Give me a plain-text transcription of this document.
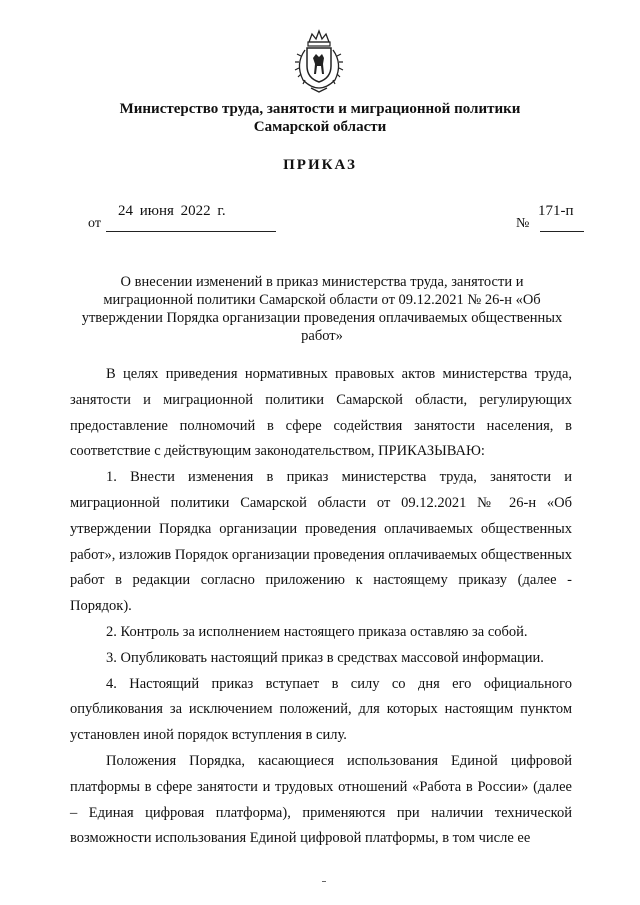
Министерство труда, занятости и миграционной политики
Самарской области
ПРИКАЗ
от
24 июня 2022 г.
№
171-п
О внесении изменений в приказ министерства труда, занятости и миграционной политики Самарской области от 09.12.2021 № 26-н «Об утверждении Порядка организации проведения оплачиваемых общественных работ»

В целях приведения нормативных правовых актов министерства труда, занятости и миграционной политики Самарской области, регулирующих предоставление полномочий в сфере содействия занятости населения, в соответствие с действующим законодательством, ПРИКАЗЫВАЮ:

1. Внести изменения в приказ министерства труда, занятости и миграционной политики Самарской области от 09.12.2021 № 26-н «Об утверждении Порядка организации проведения оплачиваемых общественных работ», изложив Порядок организации проведения оплачиваемых общественных работ в редакции согласно приложению к настоящему приказу (далее - Порядок).

2. Контроль за исполнением настоящего приказа оставляю за собой.

3. Опубликовать настоящий приказ в средствах массовой информации.

4. Настоящий приказ вступает в силу со дня его официального опубликования за исключением положений, для которых настоящим пунктом установлен иной порядок вступления в силу.

Положения Порядка, касающиеся использования Единой цифровой платформы в сфере занятости и трудовых отношений «Работа в России» (далее – Единая цифровая платформа), применяются при наличии технической возможности использования Единой цифровой платформы, в том числе ее
